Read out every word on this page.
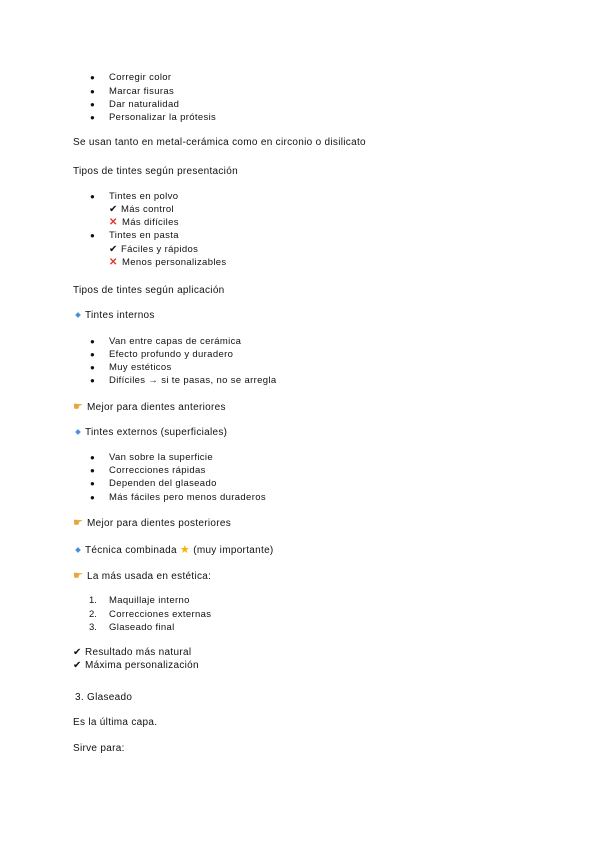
● Corregir color
● Marcar fisuras
● Dar naturalidad
● Personalizar la prótesis
Se usan tanto en metal-cerámica como en circonio o disilicato
Tipos de tintes según presentación
● Tintes en polvo
✔ Más control
✕ Más difíciles
● Tintes en pasta
✔ Fáciles y rápidos
✕ Menos personalizables
Tipos de tintes según aplicación
Tintes internos
● Van entre capas de cerámica
● Efecto profundo y duradero
● Muy estéticos
● Difíciles → si te pasas, no se arregla
☛ Mejor para dientes anteriores
Tintes externos (superficiales)
● Van sobre la superficie
● Correcciones rápidas
● Dependen del glaseado
● Más fáciles pero menos duraderos
☛ Mejor para dientes posteriores
Técnica combinada ★ (muy importante)
☛ La más usada en estética:
1. Maquillaje interno
2. Correcciones externas
3. Glaseado final
✔ Resultado más natural
✔ Máxima personalización
3. Glaseado
Es la última capa.
Sirve para:
